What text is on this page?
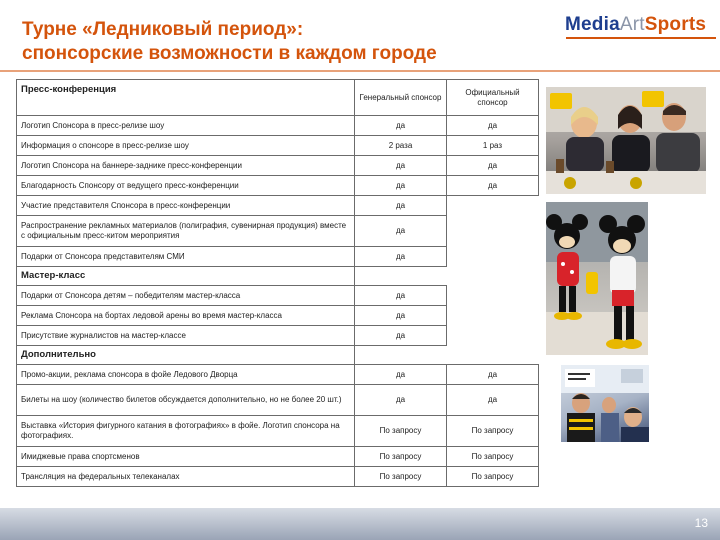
Турне «Ледниковый период»:
спонсорские возможности в каждом городе
MediaArtSports
Пресс-конференция	Генеральный спонсор	Официальный спонсор
Логотип Спонсора в пресс-релизе шоу	да	да
Информация о спонсоре в пресс-релизе шоу	2 раза	1 раз
Логотип Спонсора на баннере-заднике пресс-конференции	да	да
Благодарность Спонсору от ведущего пресс-конференции	да	да
Участие представителя Спонсора в пресс-конференции	да	
Распространение рекламных материалов (полиграфия, сувенирная продукция) вместе с официальным пресс-китом мероприятия	да	
Подарки от Спонсора представителям СМИ	да	
Мастер-класс		
Подарки от Спонсора детям – победителям мастер-класса	да	
Реклама Спонсора на бортах ледовой арены во время мастер-класса	да	
Присутствие журналистов на мастер-классе	да	
Дополнительно		
Промо-акции, реклама спонсора в фойе Ледового Дворца	да	да
Билеты на шоу (количество билетов обсуждается дополнительно, но не более 20 шт.)	да	да
Выставка «История фигурного катания в фотографиях» в фойе. Логотип спонсора на фотографиях.	По запросу	По запросу
Имиджевые права спортсменов	По запросу	По запросу
Трансляция на федеральных телеканалах	По запросу	По запросу
13
